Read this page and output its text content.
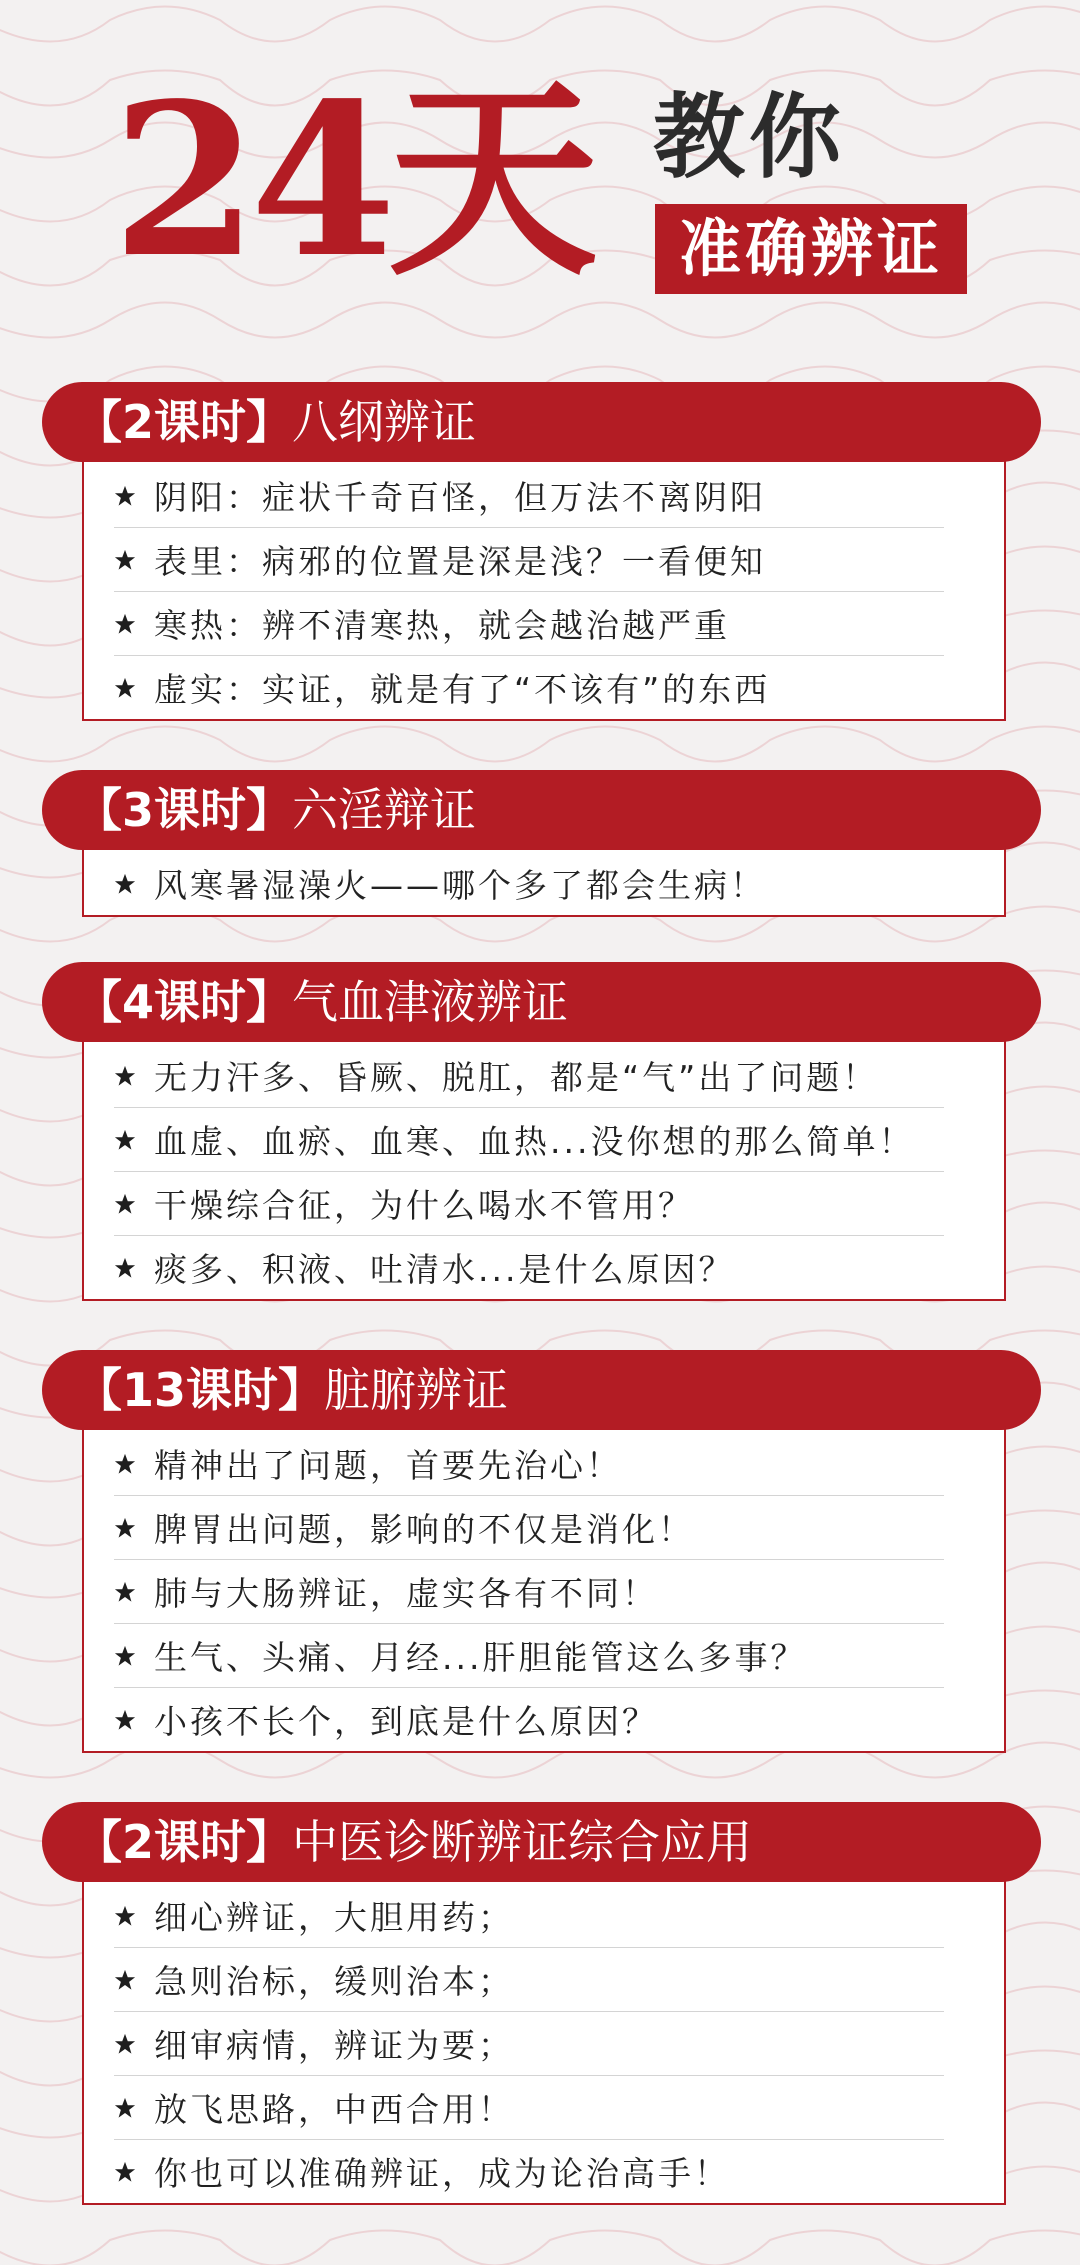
24天 教你
准确辨证
【2课时】八纲辨证
阴阳：症状千奇百怪，但万法不离阴阳
表里：病邪的位置是深是浅？一看便知
寒热：辨不清寒热，就会越治越严重
虚实：实证，就是有了“不该有”的东西
【3课时】六淫辩证
风寒暑湿澡火——哪个多了都会生病！
【4课时】气血津液辨证
无力汗多、昏厥、脱肛，都是“气”出了问题！
血虚、血瘀、血寒、血热...没你想的那么简单！
干燥综合征，为什么喝水不管用？
痰多、积液、吐清水...是什么原因？
【13课时】脏腑辨证
精神出了问题，首要先治心！
脾胃出问题，影响的不仅是消化！
肺与大肠辨证，虚实各有不同！
生气、头痛、月经...肝胆能管这么多事？
小孩不长个，到底是什么原因？
【2课时】中医诊断辨证综合应用
细心辨证，大胆用药；
急则治标，缓则治本；
细审病情，辨证为要；
放飞思路，中西合用！
你也可以准确辨证，成为论治高手！
